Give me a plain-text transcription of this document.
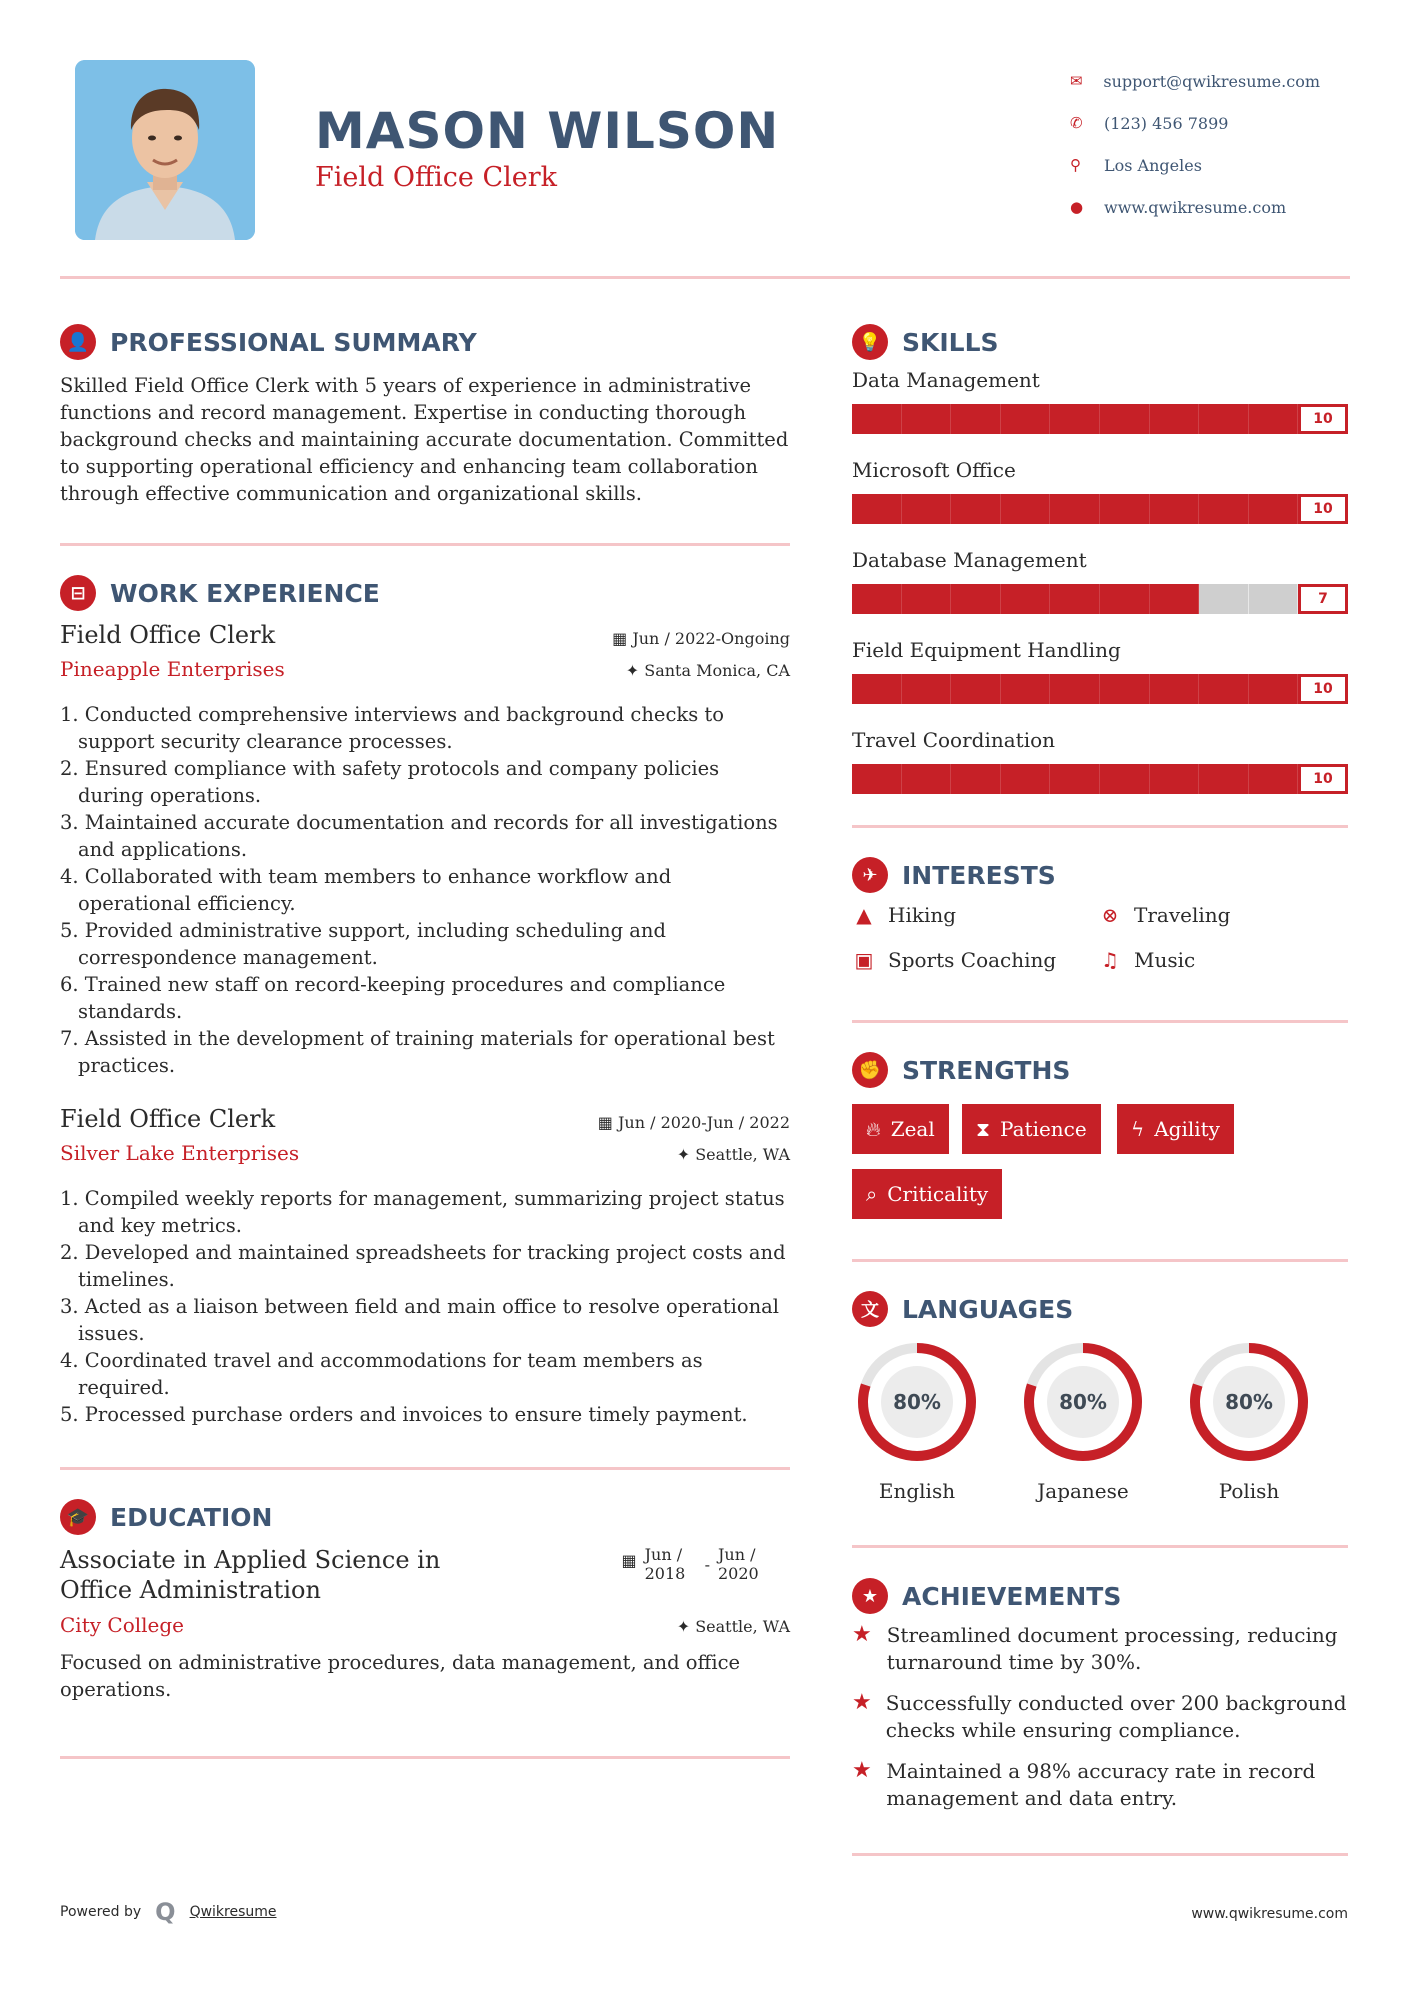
MASON WILSON
Field Office Clerk
✉	support@qwikresume.com
✆	(123) 456 7899
⚲	Los Angeles
●	www.qwikresume.com
👤 PROFESSIONAL SUMMARY
Skilled Field Office Clerk with 5 years of experience in administrative functions and record management. Expertise in conducting thorough background checks and maintaining accurate documentation. Committed to supporting operational efficiency and enhancing team collaboration through effective communication and organizational skills.
⊟ WORK EXPERIENCE
Field Office Clerk	▦ Jun / 2022-Ongoing
Pineapple Enterprises	✦ Santa Monica, CA
1. Conducted comprehensive interviews and background checks to support security clearance processes.
2. Ensured compliance with safety protocols and company policies during operations.
3. Maintained accurate documentation and records for all investigations and applications.
4. Collaborated with team members to enhance workflow and operational efficiency.
5. Provided administrative support, including scheduling and correspondence management.
6. Trained new staff on record-keeping procedures and compliance standards.
7. Assisted in the development of training materials for operational best practices.
Field Office Clerk	▦ Jun / 2020-Jun / 2022
Silver Lake Enterprises	✦ Seattle, WA
1. Compiled weekly reports for management, summarizing project status and key metrics.
2. Developed and maintained spreadsheets for tracking project costs and timelines.
3. Acted as a liaison between field and main office to resolve operational issues.
4. Coordinated travel and accommodations for team members as required.
5. Processed purchase orders and invoices to ensure timely payment.
🎓 EDUCATION
Associate in Applied Science in Office Administration
▦ Jun / 2018	-
Jun / 2020
City College	✦ Seattle, WA
Focused on administrative procedures, data management, and office operations.
💡 SKILLS
Data Management
10
Microsoft Office
10
Database Management
7
Field Equipment Handling
10
Travel Coordination
10
✈ INTERESTS
▲ Hiking	⊗ Traveling
▣ Sports Coaching ♫ Music
✊ STRENGTHS
🔥︎ Zeal ⧗ Patience ϟ Agility
⌕ Criticality
文 LANGUAGES
80%
English
80%
Japanese
80%
Polish
★ ACHIEVEMENTS
★ Streamlined document processing, reducing turnaround time by 30%.
★ Successfully conducted over 200 background checks while ensuring compliance.
★ Maintained a 98% accuracy rate in record management and data entry.
Powered by Q Qwikresume	www.qwikresume.com
